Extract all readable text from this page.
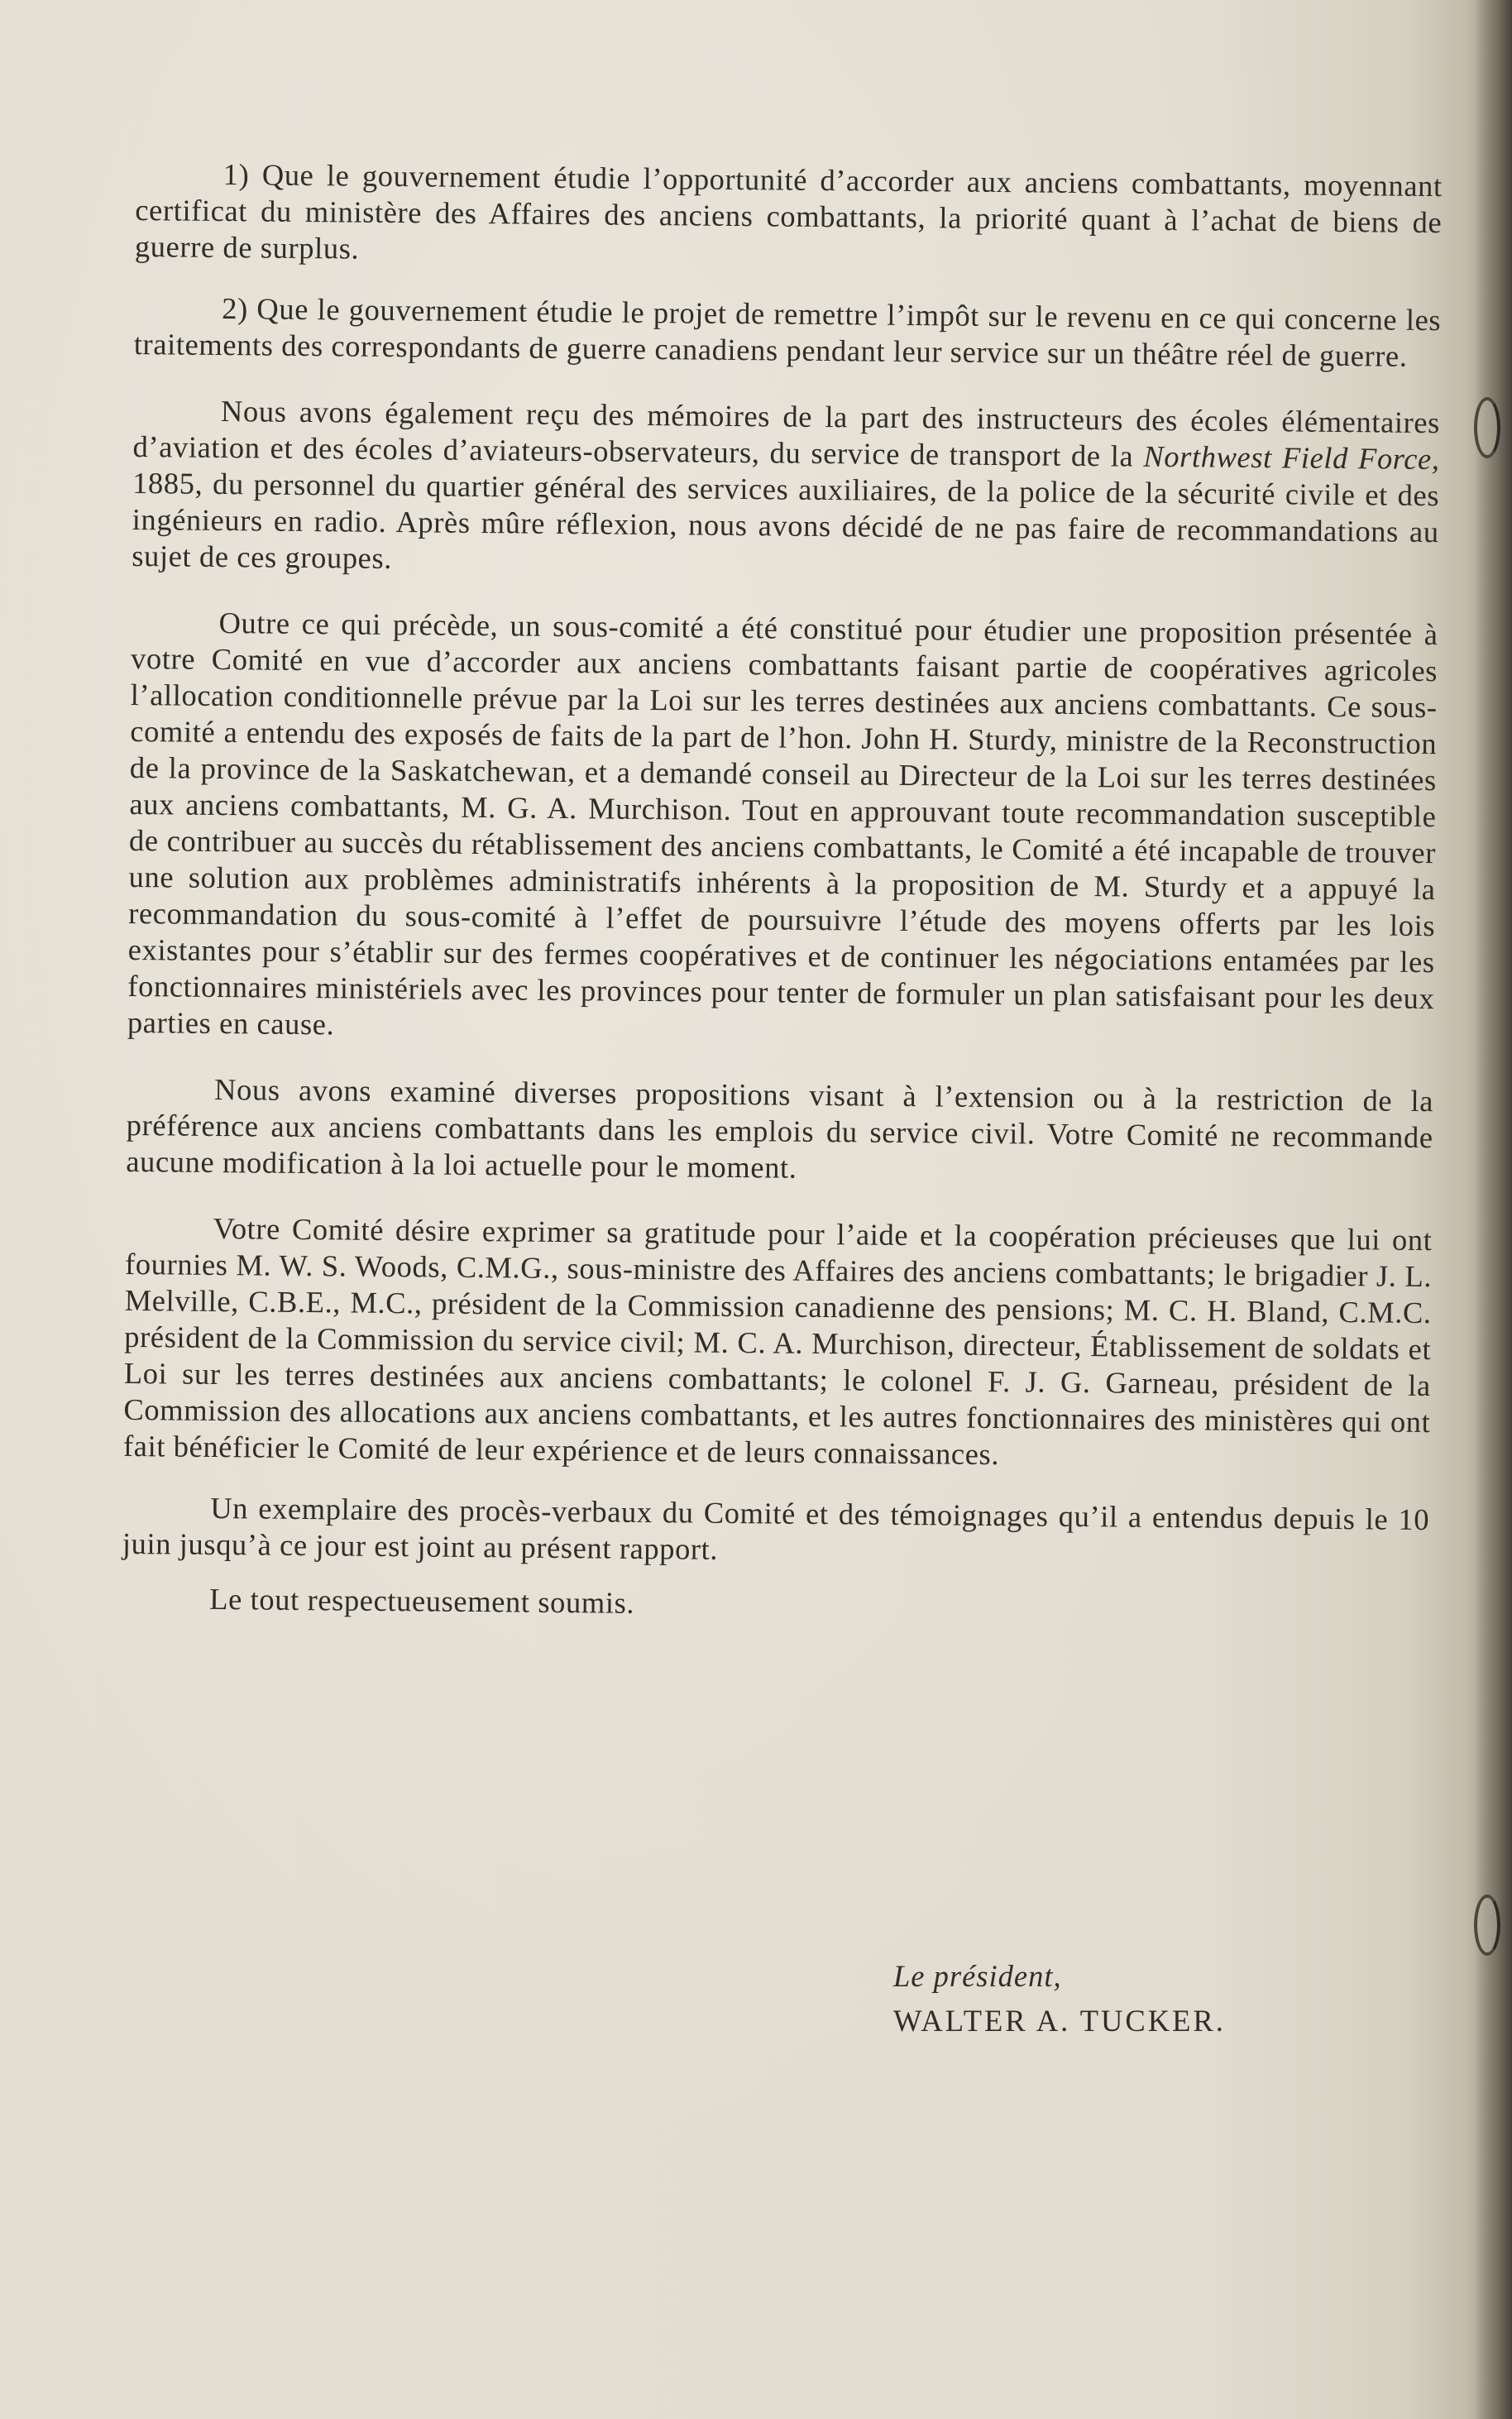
1) Que le gouvernement étudie l’opportunité d’accorder aux anciens combattants, moyennant certificat du ministère des Affaires des anciens combattants, la priorité quant à l’achat de biens de guerre de surplus.

2) Que le gouvernement étudie le projet de remettre l’impôt sur le revenu en ce qui concerne les traitements des correspondants de guerre canadiens pendant leur service sur un théâtre réel de guerre.

Nous avons également reçu des mémoires de la part des instructeurs des écoles élémentaires d’aviation et des écoles d’aviateurs-observateurs, du service de transport de la Northwest Field Force, 1885, du personnel du quartier général des services auxiliaires, de la police de la sécurité civile et des ingénieurs en radio. Après mûre réflexion, nous avons décidé de ne pas faire de recommandations au sujet de ces groupes.

Outre ce qui précède, un sous-comité a été constitué pour étudier une proposition présentée à votre Comité en vue d’accorder aux anciens combattants faisant partie de coopératives agricoles l’allocation conditionnelle prévue par la Loi sur les terres destinées aux anciens combattants. Ce sous-comité a entendu des exposés de faits de la part de l’hon. John H. Sturdy, ministre de la Reconstruction de la province de la Saskatchewan, et a demandé conseil au Directeur de la Loi sur les terres destinées aux anciens combattants, M. G. A. Murchison. Tout en approuvant toute recommandation susceptible de contribuer au succès du rétablissement des anciens combattants, le Comité a été incapable de trouver une solution aux problèmes administratifs inhérents à la proposition de M. Sturdy et a appuyé la recommandation du sous-comité à l’effet de poursuivre l’étude des moyens offerts par les lois existantes pour s’établir sur des fermes coopératives et de continuer les négociations entamées par les fonctionnaires ministériels avec les provinces pour tenter de formuler un plan satisfaisant pour les deux parties en cause.

Nous avons examiné diverses propositions visant à l’extension ou à la restriction de la préférence aux anciens combattants dans les emplois du service civil. Votre Comité ne recommande aucune modification à la loi actuelle pour le moment.

Votre Comité désire exprimer sa gratitude pour l’aide et la coopération précieuses que lui ont fournies M. W. S. Woods, C.M.G., sous-ministre des Affaires des anciens combattants; le brigadier J. L. Melville, C.B.E., M.C., président de la Commission canadienne des pensions; M. C. H. Bland, C.M.C. président de la Commission du service civil; M. C. A. Murchison, directeur, Établissement de soldats et Loi sur les terres destinées aux anciens combattants; le colonel F. J. G. Garneau, président de la Commission des allocations aux anciens combattants, et les autres fonctionnaires des ministères qui ont fait bénéficier le Comité de leur expérience et de leurs connaissances.

Un exemplaire des procès-verbaux du Comité et des témoignages qu’il a entendus depuis le 10 juin jusqu’à ce jour est joint au présent rapport.

Le tout respectueusement soumis.

Le président,
WALTER A. TUCKER.
